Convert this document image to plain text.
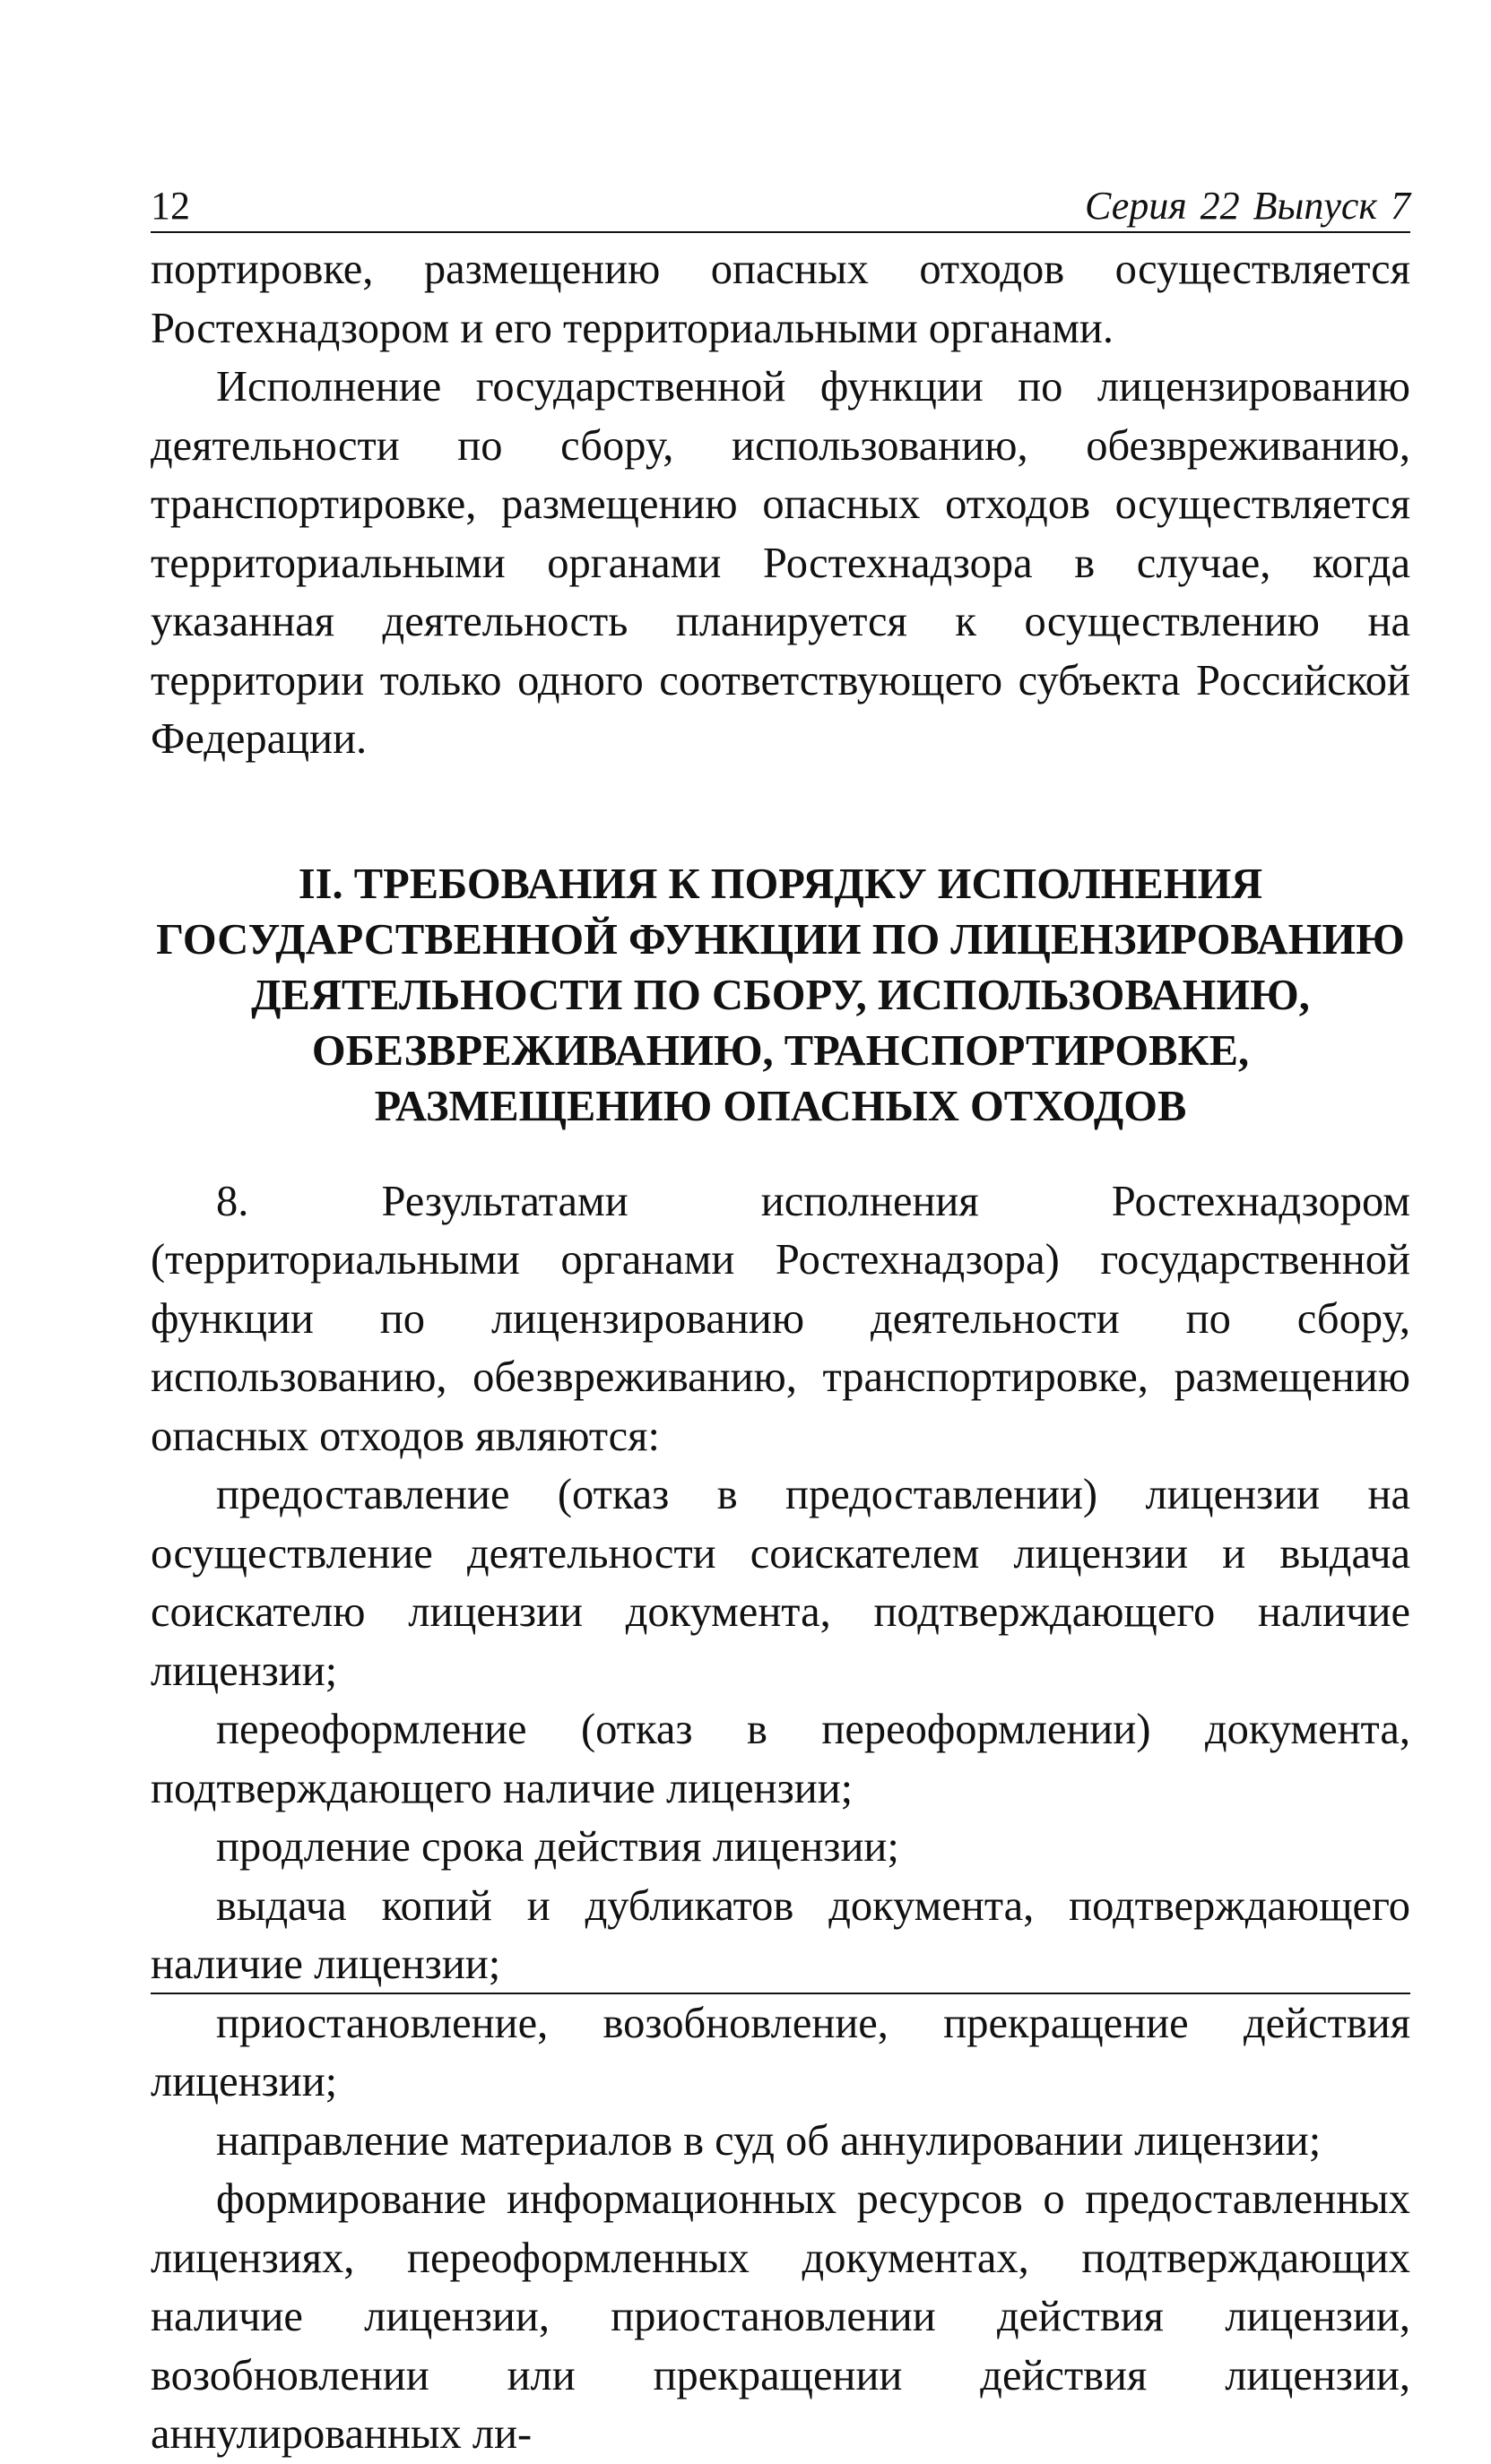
12	Серия 22 Выпуск 7

портировке, размещению опасных отходов осуществляется Ростехнадзором и его территориальными органами.

Исполнение государственной функции по лицензированию деятельности по сбору, использованию, обезвреживанию, транспортировке, размещению опасных отходов осуществляется территориальными органами Ростехнадзора в случае, когда указанная деятельность планируется к осуществлению на территории только одного соответствующего субъекта Российской Федерации.

II. ТРЕБОВАНИЯ К ПОРЯДКУ ИСПОЛНЕНИЯ
ГОСУДАРСТВЕННОЙ ФУНКЦИИ ПО ЛИЦЕНЗИРОВАНИЮ
ДЕЯТЕЛЬНОСТИ ПО СБОРУ, ИСПОЛЬЗОВАНИЮ,
ОБЕЗВРЕЖИВАНИЮ, ТРАНСПОРТИРОВКЕ,
РАЗМЕЩЕНИЮ ОПАСНЫХ ОТХОДОВ

8. Результатами исполнения Ростехнадзором (территориальными органами Ростехнадзора) государственной функции по лицензированию деятельности по сбору, использованию, обезвреживанию, транспортировке, размещению опасных отходов являются:

предоставление (отказ в предоставлении) лицензии на осуществление деятельности соискателем лицензии и выдача соискателю лицензии документа, подтверждающего наличие лицензии;

переоформление (отказ в переоформлении) документа, подтверждающего наличие лицензии;

продление срока действия лицензии;

выдача копий и дубликатов документа, подтверждающего наличие лицензии;

приостановление, возобновление, прекращение действия лицензии;

направление материалов в суд об аннулировании лицензии;

формирование информационных ресурсов о предоставленных лицензиях, переоформленных документах, подтверждающих наличие лицензии, приостановлении действия лицензии, возобновлении или прекращении действия лицензии, аннулированных ли-
